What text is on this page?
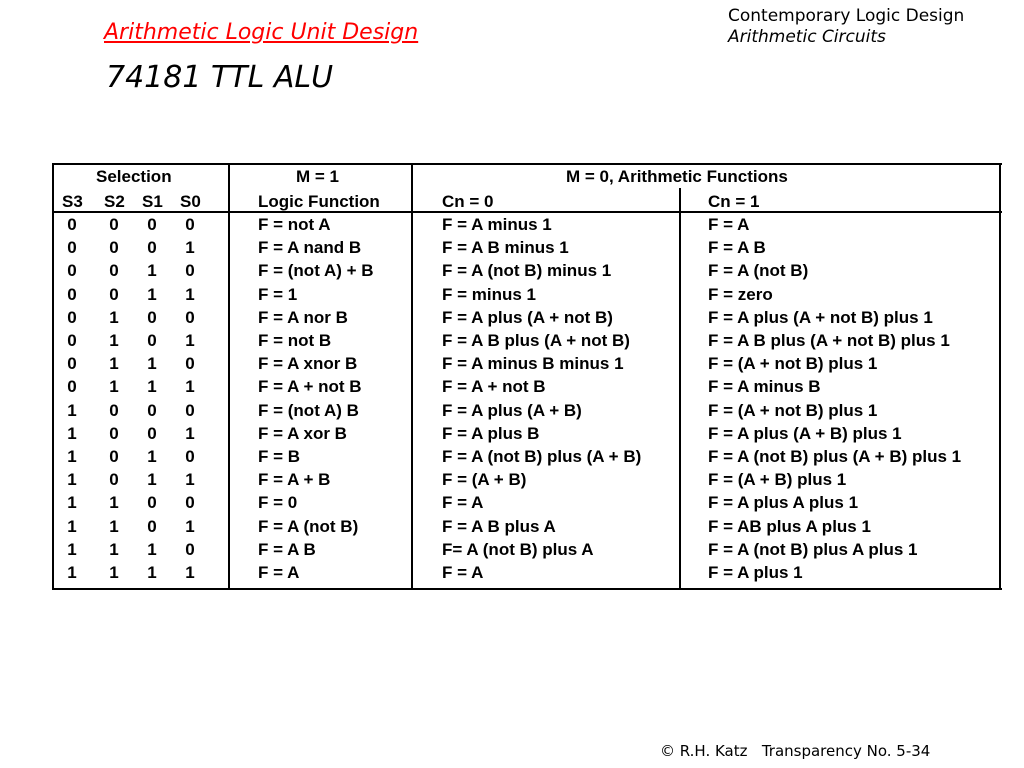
Contemporary Logic Design
Arithmetic Circuits
Arithmetic Logic Unit Design
74181 TTL ALU
Selection	M = 1	M = 0, Arithmetic Functions
S3 S2 S1 S0	Logic Function	Cn = 0	Cn = 1
0	0	0	0	F = not A	F = A minus 1	F = A
0	0	0	1	F = A nand B	F = A B minus 1	F = A B
0	0	1	0	F = (not A) + B	F = A (not B) minus 1	F = A (not B)
0	0	1	1	F = 1	F = minus 1	F = zero
0	1	0	0	F = A nor B	F = A plus (A + not B)	F = A plus (A + not B) plus 1
0	1	0	1	F = not B	F = A B plus (A + not B)	F = A B plus (A + not B) plus 1
0	1	1	0	F = A xnor B	F = A minus B minus 1	F = (A + not B) plus 1
0	1	1	1	F = A + not B	F = A + not B	F = A minus B
1	0	0	0	F = (not A) B	F = A plus (A + B)	F = (A + not B) plus 1
1	0	0	1	F = A xor B	F = A plus B	F = A plus (A + B) plus 1
1	0	1	0	F = B	F = A (not B) plus (A + B)	F = A (not B) plus (A + B) plus 1
1	0	1	1	F = A + B	F = (A + B)	F = (A + B) plus 1
1	1	0	0	F = 0	F = A	F = A plus A plus 1
1	1	0	1	F = A (not B)	F = A B plus A	F = AB plus A plus 1
1	1	1	0	F = A B	F= A (not B) plus A	F = A (not B) plus A plus 1
1	1	1	1	F = A	F = A	F = A plus 1
© R.H. Katz Transparency No. 5-34
